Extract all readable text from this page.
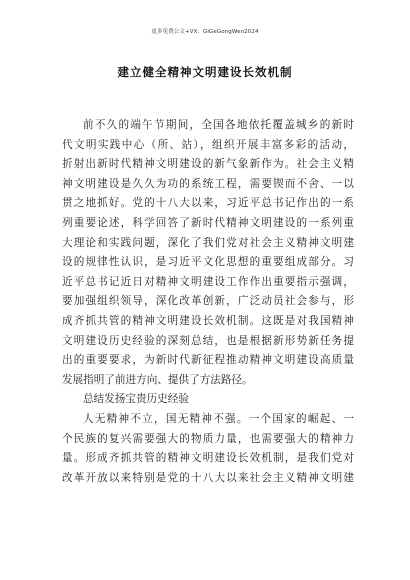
更多免费公文+VX：GiGeGongWen2024
建立健全精神文明建设长效机制
前不久的端午节期间，全国各地依托覆盖城乡的新时
代文明实践中心（所、站），组织开展丰富多彩的活动，
折射出新时代精神文明建设的新气象新作为。社会主义精
神文明建设是久久为功的系统工程，需要锲而不舍、一以
贯之地抓好。党的十八大以来，习近平总书记作出的一系
列重要论述，科学回答了新时代精神文明建设的一系列重
大理论和实践问题，深化了我们党对社会主义精神文明建
设的规律性认识，是习近平文化思想的重要组成部分。习
近平总书记近日对精神文明建设工作作出重要指示强调，
要加强组织领导，深化改革创新，广泛动员社会参与，形
成齐抓共管的精神文明建设长效机制。这既是对我国精神
文明建设历史经验的深刻总结，也是根据新形势新任务提
出的重要要求，为新时代新征程推动精神文明建设高质量
发展指明了前进方向、提供了方法路径。
总结发扬宝贵历史经验
人无精神不立，国无精神不强。一个国家的崛起、一
个民族的复兴需要强大的物质力量，也需要强大的精神力
量。形成齐抓共管的精神文明建设长效机制，是我们党对
改革开放以来特别是党的十八大以来社会主义精神文明建
